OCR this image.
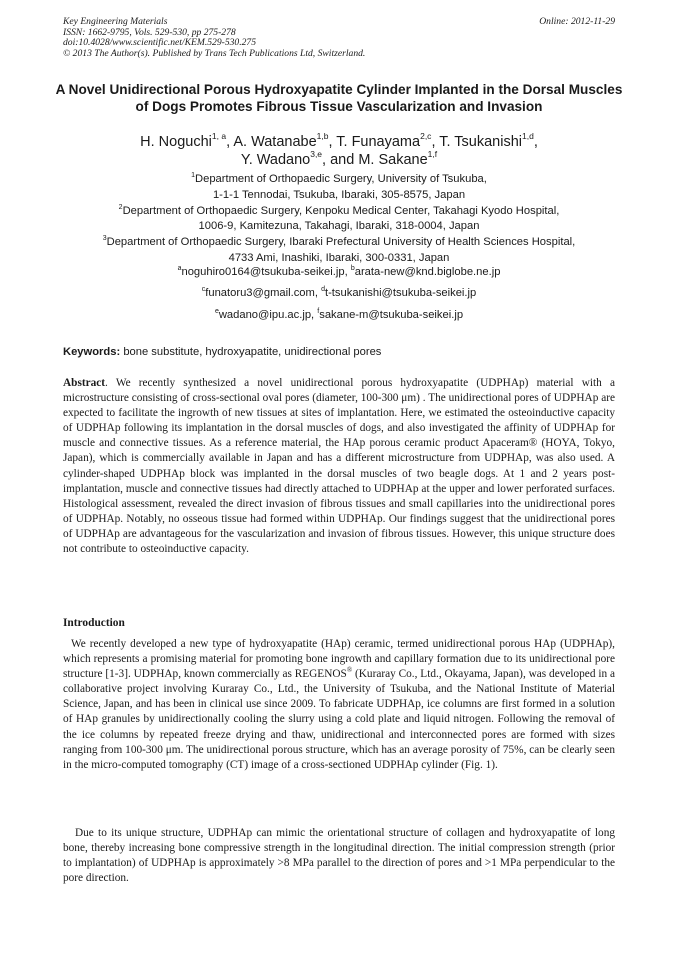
Key Engineering Materials
ISSN: 1662-9795, Vols. 529-530, pp 275-278
doi:10.4028/www.scientific.net/KEM.529-530.275
© 2013 The Author(s). Published by Trans Tech Publications Ltd, Switzerland.
Online: 2012-11-29
A Novel Unidirectional Porous Hydroxyapatite Cylinder Implanted in the Dorsal Muscles of Dogs Promotes Fibrous Tissue Vascularization and Invasion
H. Noguchi$^{1, a}$, A. Watanabe$^{1,b}$, T. Funayama$^{2,c}$, T. Tsukanishi$^{1,d}$,
Y. Wadano$^{3,e}$, and M. Sakane$^{1,f}$
$^1$Department of Orthopaedic Surgery, University of Tsukuba,
1-1-1 Tennodai, Tsukuba, Ibaraki, 305-8575, Japan
$^2$Department of Orthopaedic Surgery, Kenpoku Medical Center, Takahagi Kyodo Hospital,
1006-9, Kamitezuna, Takahagi, Ibaraki, 318-0004, Japan
$^3$Department of Orthopaedic Surgery, Ibaraki Prefectural University of Health Sciences Hospital,
4733 Ami, Inashiki, Ibaraki, 300-0331, Japan
$^a$noguhiro0164@tsukuba-seikei.jp, $^b$arata-new@knd.biglobe.ne.jp
$^c$funatoru3@gmail.com, $^d$t-tsukanishi@tsukuba-seikei.jp
$^e$wadano@ipu.ac.jp, $^f$sakane-m@tsukuba-seikei.jp
Keywords: bone substitute, hydroxyapatite, unidirectional pores

Abstract. We recently synthesized a novel unidirectional porous hydroxyapatite (UDPHAp) material with a microstructure consisting of cross-sectional oval pores (diameter, 100-300 μm) . The unidirectional pores of UDPHAp are expected to facilitate the ingrowth of new tissues at sites of implantation. Here, we estimated the osteoinductive capacity of UDPHAp following its implantation in the dorsal muscles of dogs, and also investigated the affinity of UDPHAp for muscle and connective tissues. As a reference material, the HAp porous ceramic product Apaceram® (HOYA, Tokyo, Japan), which is commercially available in Japan and has a different microstructure from UDPHAp, was also used. A cylinder-shaped UDPHAp block was implanted in the dorsal muscles of two beagle dogs. At 1 and 2 years post-implantation, muscle and connective tissues had directly attached to UDPHAp at the upper and lower perforated surfaces. Histological assessment, revealed the direct invasion of fibrous tissues and small capillaries into the unidirectional pores of UDPHAp. Notably, no osseous tissue had formed within UDPHAp. Our findings suggest that the unidirectional pores of UDPHAp are advantageous for the vascularization and invasion of fibrous tissues. However, this unique structure does not contribute to osteoinductive capacity.

Introduction

We recently developed a new type of hydroxyapatite (HAp) ceramic, termed unidirectional porous HAp (UDPHAp), which represents a promising material for promoting bone ingrowth and capillary formation due to its unidirectional pore structure [1-3]. UDPHAp, known commercially as REGENOS® (Kuraray Co., Ltd., Okayama, Japan), was developed in a collaborative project involving Kuraray Co., Ltd., the University of Tsukuba, and the National Institute of Material Science, Japan, and has been in clinical use since 2009. To fabricate UDPHAp, ice columns are first formed in a solution of HAp granules by unidirectionally cooling the slurry using a cold plate and liquid nitrogen. Following the removal of the ice columns by repeated freeze drying and thaw, unidirectional and interconnected pores are formed with sizes ranging from 100-300 μm. The unidirectional porous structure, which has an average porosity of 75%, can be clearly seen in the micro-computed tomography (CT) image of a cross-sectioned UDPHAp cylinder (Fig. 1).

Due to its unique structure, UDPHAp can mimic the orientational structure of collagen and hydroxyapatite of long bone, thereby increasing bone compressive strength in the longitudinal direction. The initial compression strength (prior to implantation) of UDPHAp is approximately >8 MPa parallel to the direction of pores and >1 MPa perpendicular to the pore direction.
